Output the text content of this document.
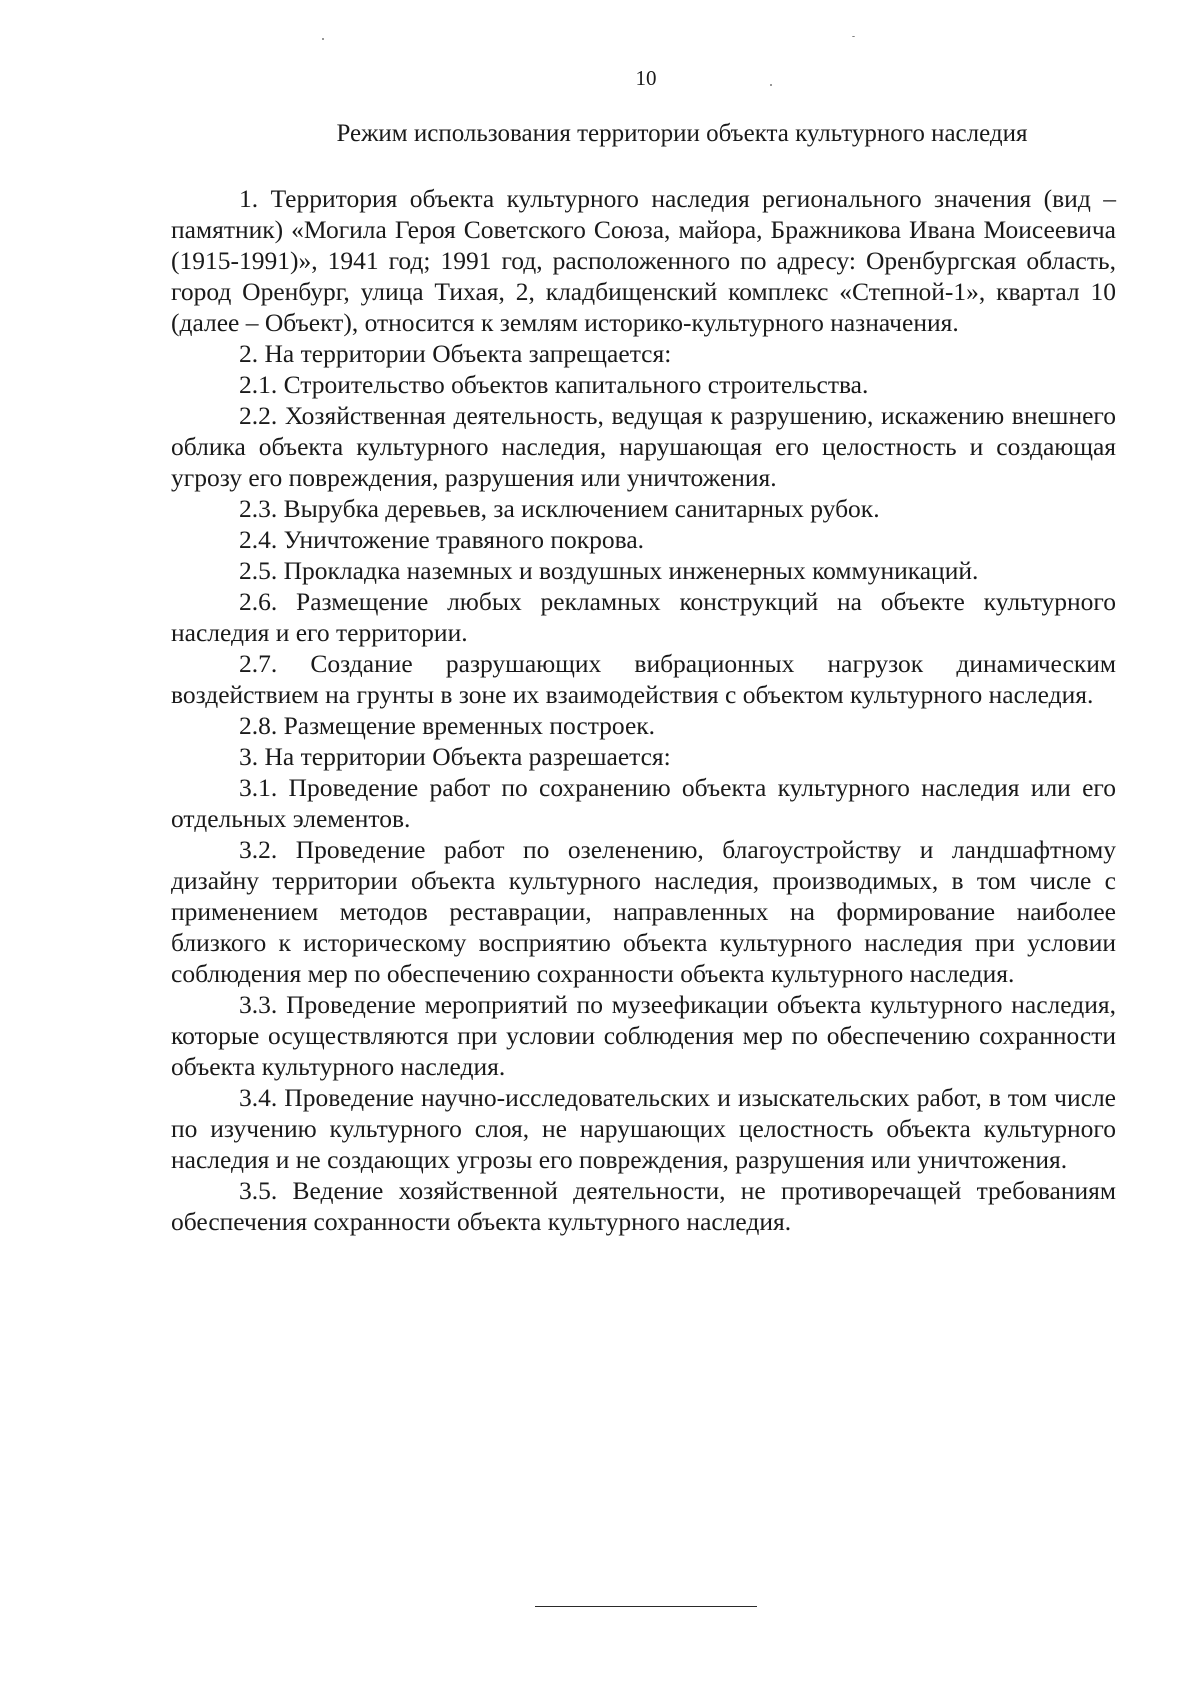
10
Режим использования территории объекта культурного наследия

1. Территория объекта культурного наследия регионального значения (вид – памятник) «Могила Героя Советского Союза, майора, Бражникова Ивана Моисеевича (1915-1991)», 1941 год; 1991 год, расположенного по адресу: Оренбургская область, город Оренбург, улица Тихая, 2, кладбищенский комплекс «Степной-1», квартал 10 (далее – Объект), относится к землям историко-культурного назначения.

2. На территории Объекта запрещается:

2.1. Строительство объектов капитального строительства.

2.2. Хозяйственная деятельность, ведущая к разрушению, искажению внешнего облика объекта культурного наследия, нарушающая его целостность и создающая угрозу его повреждения, разрушения или уничтожения.

2.3. Вырубка деревьев, за исключением санитарных рубок.

2.4. Уничтожение травяного покрова.

2.5. Прокладка наземных и воздушных инженерных коммуникаций.

2.6. Размещение любых рекламных конструкций на объекте культурного наследия и его территории.

2.7. Создание разрушающих вибрационных нагрузок динамическим воздействием на грунты в зоне их взаимодействия с объектом культурного наследия.

2.8. Размещение временных построек.

3. На территории Объекта разрешается:

3.1. Проведение работ по сохранению объекта культурного наследия или его отдельных элементов.

3.2. Проведение работ по озеленению, благоустройству и ландшафтному дизайну территории объекта культурного наследия, производимых, в том числе с применением методов реставрации, направленных на формирование наиболее близкого к историческому восприятию объекта культурного наследия при условии соблюдения мер по обеспечению сохранности объекта культурного наследия.

3.3. Проведение мероприятий по музеефикации объекта культурного наследия, которые осуществляются при условии соблюдения мер по обеспечению сохранности объекта культурного наследия.

3.4. Проведение научно-исследовательских и изыскательских работ, в том числе по изучению культурного слоя, не нарушающих целостность объекта культурного наследия и не создающих угрозы его повреждения, разрушения или уничтожения.

3.5. Ведение хозяйственной деятельности, не противоречащей требованиям обеспечения сохранности объекта культурного наследия.
